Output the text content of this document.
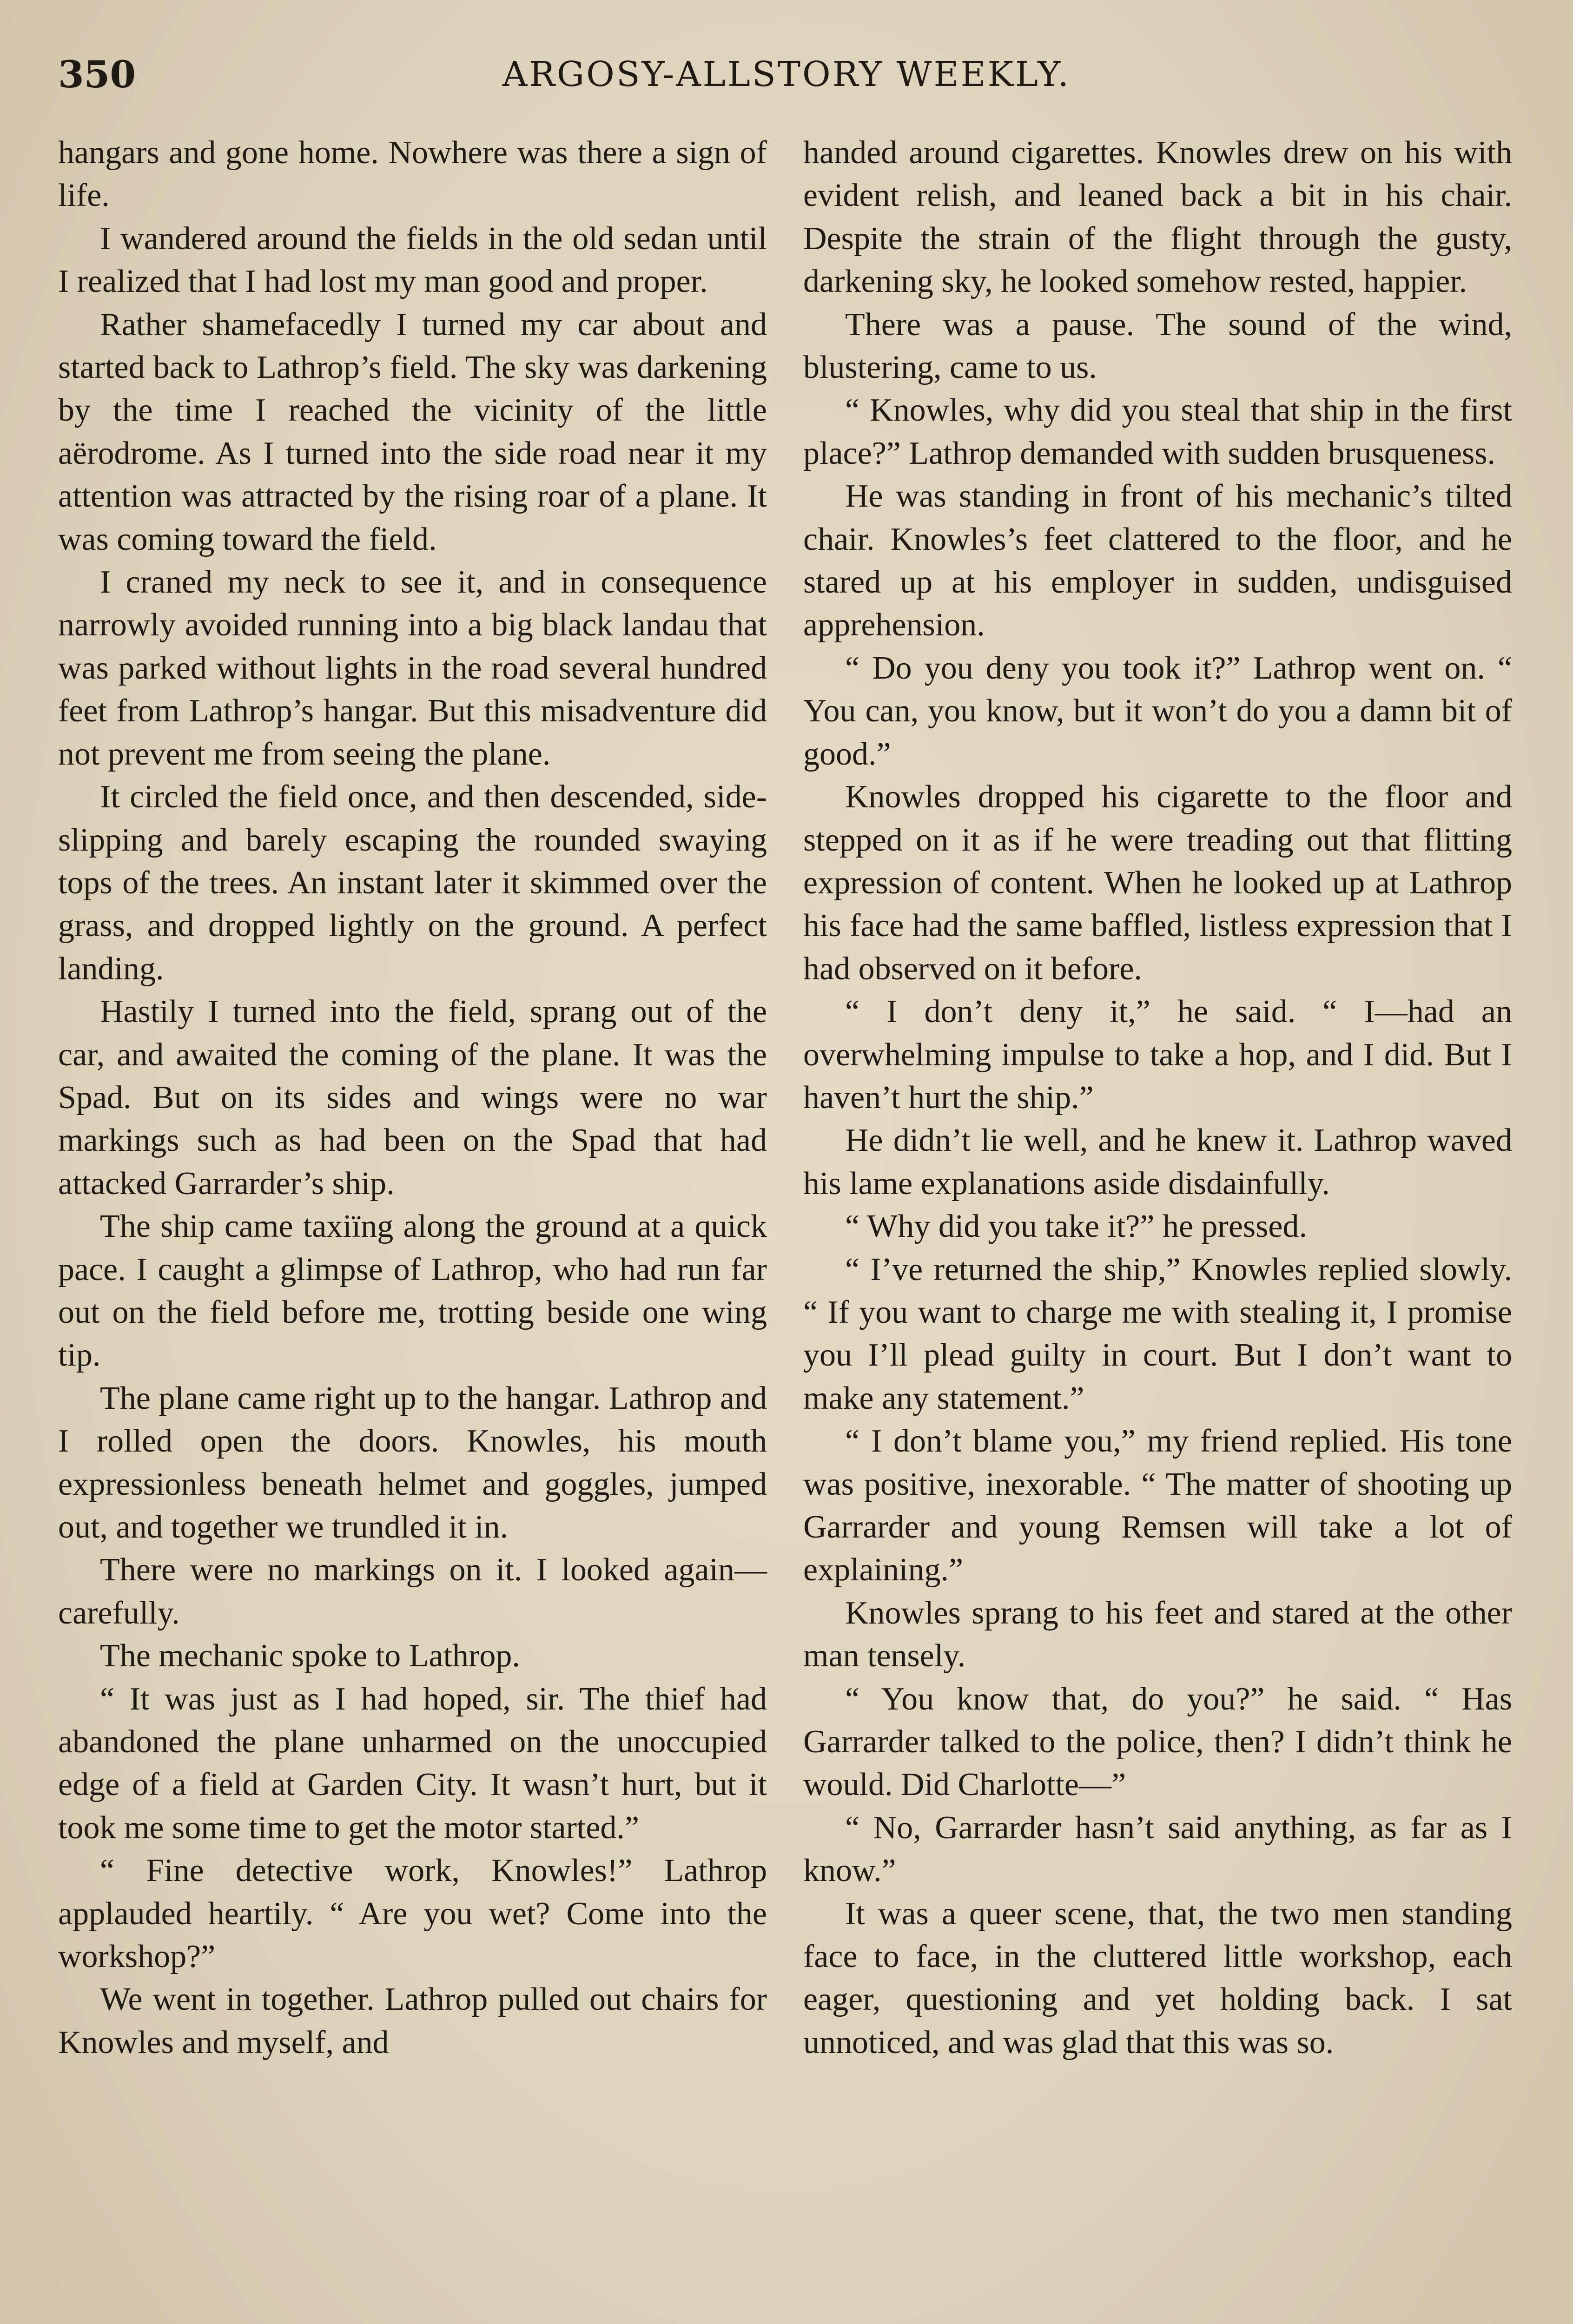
350	ARGOSY-ALLSTORY WEEKLY.

hangars and gone home. Nowhere was there a sign of life.

I wandered around the fields in the old sedan until I realized that I had lost my man good and proper.

Rather shamefacedly I turned my car about and started back to Lathrop’s field. The sky was darkening by the time I reached the vicinity of the little aërodrome. As I turned into the side road near it my attention was attracted by the rising roar of a plane. It was coming toward the field.

I craned my neck to see it, and in consequence narrowly avoided running into a big black landau that was parked without lights in the road several hundred feet from Lathrop’s hangar. But this misadventure did not prevent me from seeing the plane.

It circled the field once, and then descended, side-slipping and barely escaping the rounded swaying tops of the trees. An instant later it skimmed over the grass, and dropped lightly on the ground. A perfect landing.

Hastily I turned into the field, sprang out of the car, and awaited the coming of the plane. It was the Spad. But on its sides and wings were no war markings such as had been on the Spad that had attacked Garrarder’s ship.

The ship came taxiïng along the ground at a quick pace. I caught a glimpse of Lathrop, who had run far out on the field before me, trotting beside one wing tip.

The plane came right up to the hangar. Lathrop and I rolled open the doors. Knowles, his mouth expressionless beneath helmet and goggles, jumped out, and together we trundled it in.

There were no markings on it. I looked again—carefully.

The mechanic spoke to Lathrop.

“ It was just as I had hoped, sir. The thief had abandoned the plane unharmed on the unoccupied edge of a field at Garden City. It wasn’t hurt, but it took me some time to get the motor started.”

“ Fine detective work, Knowles!” Lathrop applauded heartily. “ Are you wet? Come into the workshop?”

We went in together. Lathrop pulled out chairs for Knowles and myself, and

handed around cigarettes. Knowles drew on his with evident relish, and leaned back a bit in his chair. Despite the strain of the flight through the gusty, darkening sky, he looked somehow rested, happier.

There was a pause. The sound of the wind, blustering, came to us.

“ Knowles, why did you steal that ship in the first place?” Lathrop demanded with sudden brusqueness.

He was standing in front of his mechanic’s tilted chair. Knowles’s feet clattered to the floor, and he stared up at his employer in sudden, undisguised apprehension.

“ Do you deny you took it?” Lathrop went on. “ You can, you know, but it won’t do you a damn bit of good.”

Knowles dropped his cigarette to the floor and stepped on it as if he were treading out that flitting expression of content. When he looked up at Lathrop his face had the same baffled, listless expression that I had observed on it before.

“ I don’t deny it,” he said. “ I—had an overwhelming impulse to take a hop, and I did. But I haven’t hurt the ship.”

He didn’t lie well, and he knew it. Lathrop waved his lame explanations aside disdainfully.

“ Why did you take it?” he pressed.

“ I’ve returned the ship,” Knowles replied slowly. “ If you want to charge me with stealing it, I promise you I’ll plead guilty in court. But I don’t want to make any statement.”

“ I don’t blame you,” my friend replied. His tone was positive, inexorable. “ The matter of shooting up Garrarder and young Remsen will take a lot of explaining.”

Knowles sprang to his feet and stared at the other man tensely.

“ You know that, do you?” he said. “ Has Garrarder talked to the police, then? I didn’t think he would. Did Charlotte—”

“ No, Garrarder hasn’t said anything, as far as I know.”

It was a queer scene, that, the two men standing face to face, in the cluttered little workshop, each eager, questioning and yet holding back. I sat unnoticed, and was glad that this was so.
